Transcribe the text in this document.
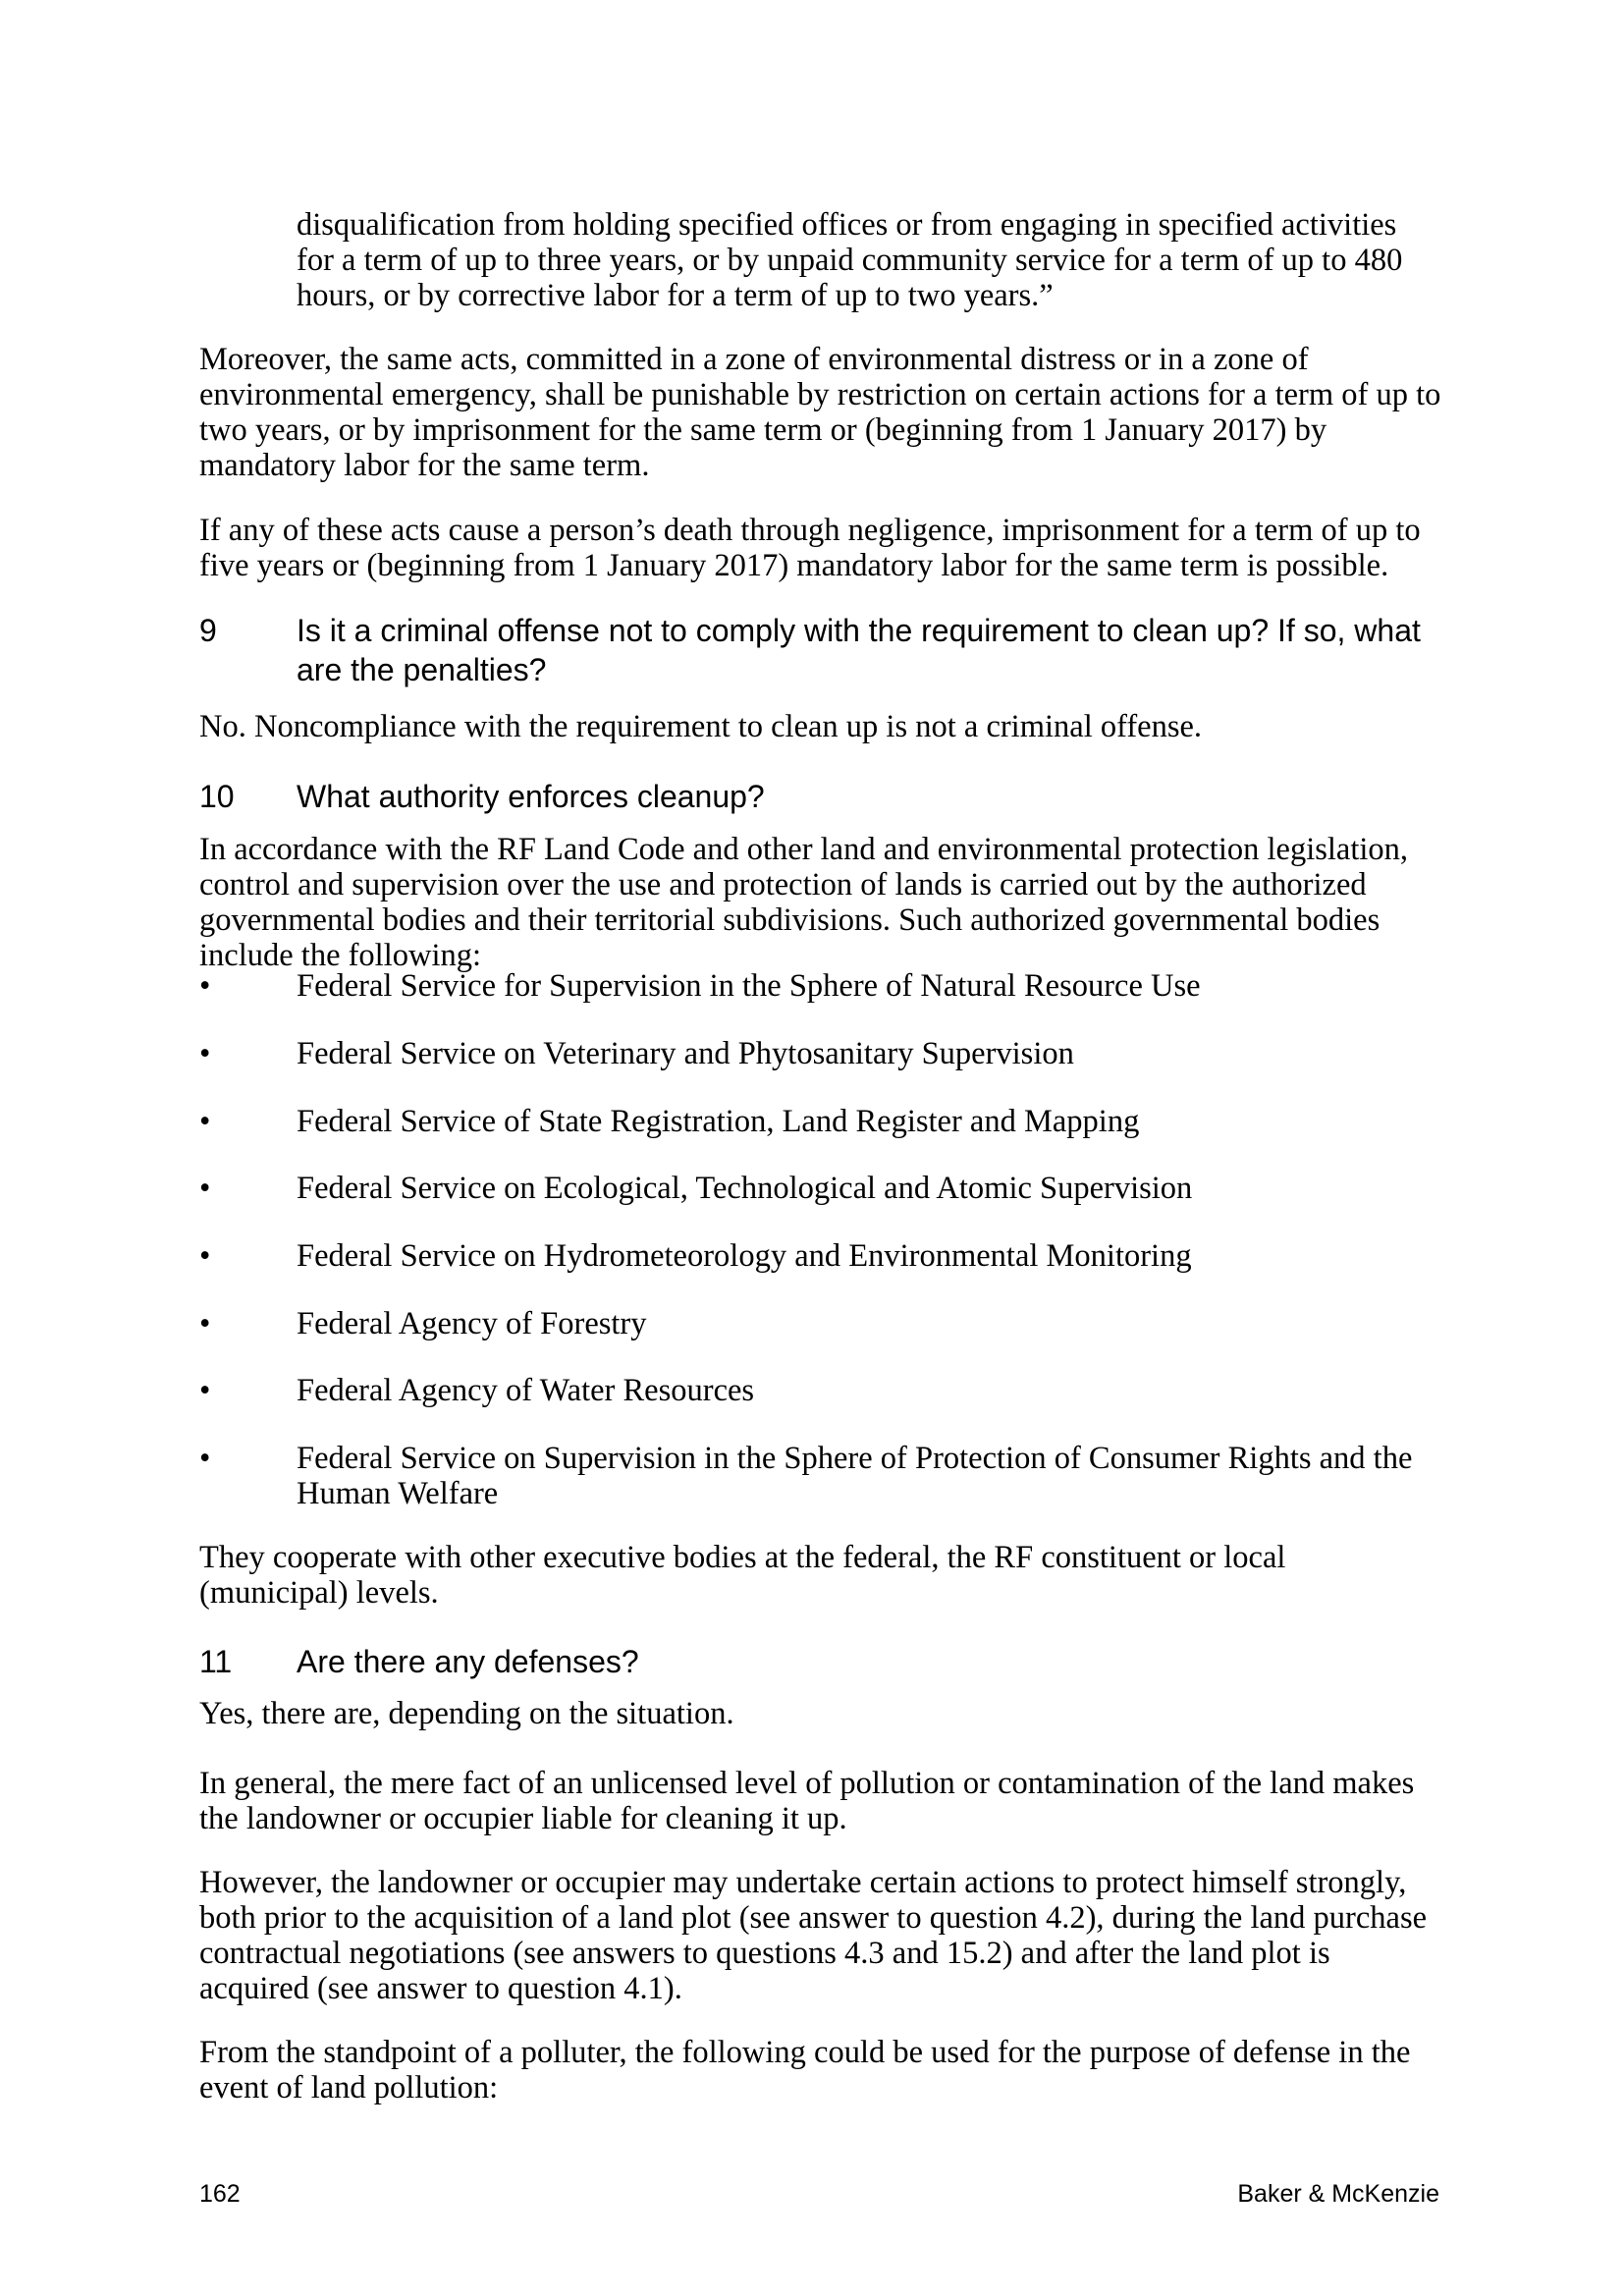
disqualification from holding specified offices or from engaging in specified activities for a term of up to three years, or by unpaid community service for a term of up to 480 hours, or by corrective labor for a term of up to two years.”

Moreover, the same acts, committed in a zone of environmental distress or in a zone of environmental emergency, shall be punishable by restriction on certain actions for a term of up to two years, or by imprisonment for the same term or (beginning from 1 January 2017) by mandatory labor for the same term.

If any of these acts cause a person’s death through negligence, imprisonment for a term of up to five years or (beginning from 1 January 2017) mandatory labor for the same term is possible.

9	Is it a criminal offense not to comply with the requirement to clean up? If so, what are the penalties?

No. Noncompliance with the requirement to clean up is not a criminal offense.

10 What authority enforces cleanup?

In accordance with the RF Land Code and other land and environmental protection legislation, control and supervision over the use and protection of lands is carried out by the authorized governmental bodies and their territorial subdivisions. Such authorized governmental bodies include the following:

•	Federal Service for Supervision in the Sphere of Natural Resource Use
•	Federal Service on Veterinary and Phytosanitary Supervision
•	Federal Service of State Registration, Land Register and Mapping
•	Federal Service on Ecological, Technological and Atomic Supervision
•	Federal Service on Hydrometeorology and Environmental Monitoring
•	Federal Agency of Forestry
•	Federal Agency of Water Resources
•	Federal Service on Supervision in the Sphere of Protection of Consumer Rights and the Human Welfare

They cooperate with other executive bodies at the federal, the RF constituent or local (municipal) levels.

11 Are there any defenses?

Yes, there are, depending on the situation.

In general, the mere fact of an unlicensed level of pollution or contamination of the land makes the landowner or occupier liable for cleaning it up.

However, the landowner or occupier may undertake certain actions to protect himself strongly, both prior to the acquisition of a land plot (see answer to question 4.2), during the land purchase contractual negotiations (see answers to questions 4.3 and 15.2) and after the land plot is acquired (see answer to question 4.1).

From the standpoint of a polluter, the following could be used for the purpose of defense in the event of land pollution:

162	Baker & McKenzie
